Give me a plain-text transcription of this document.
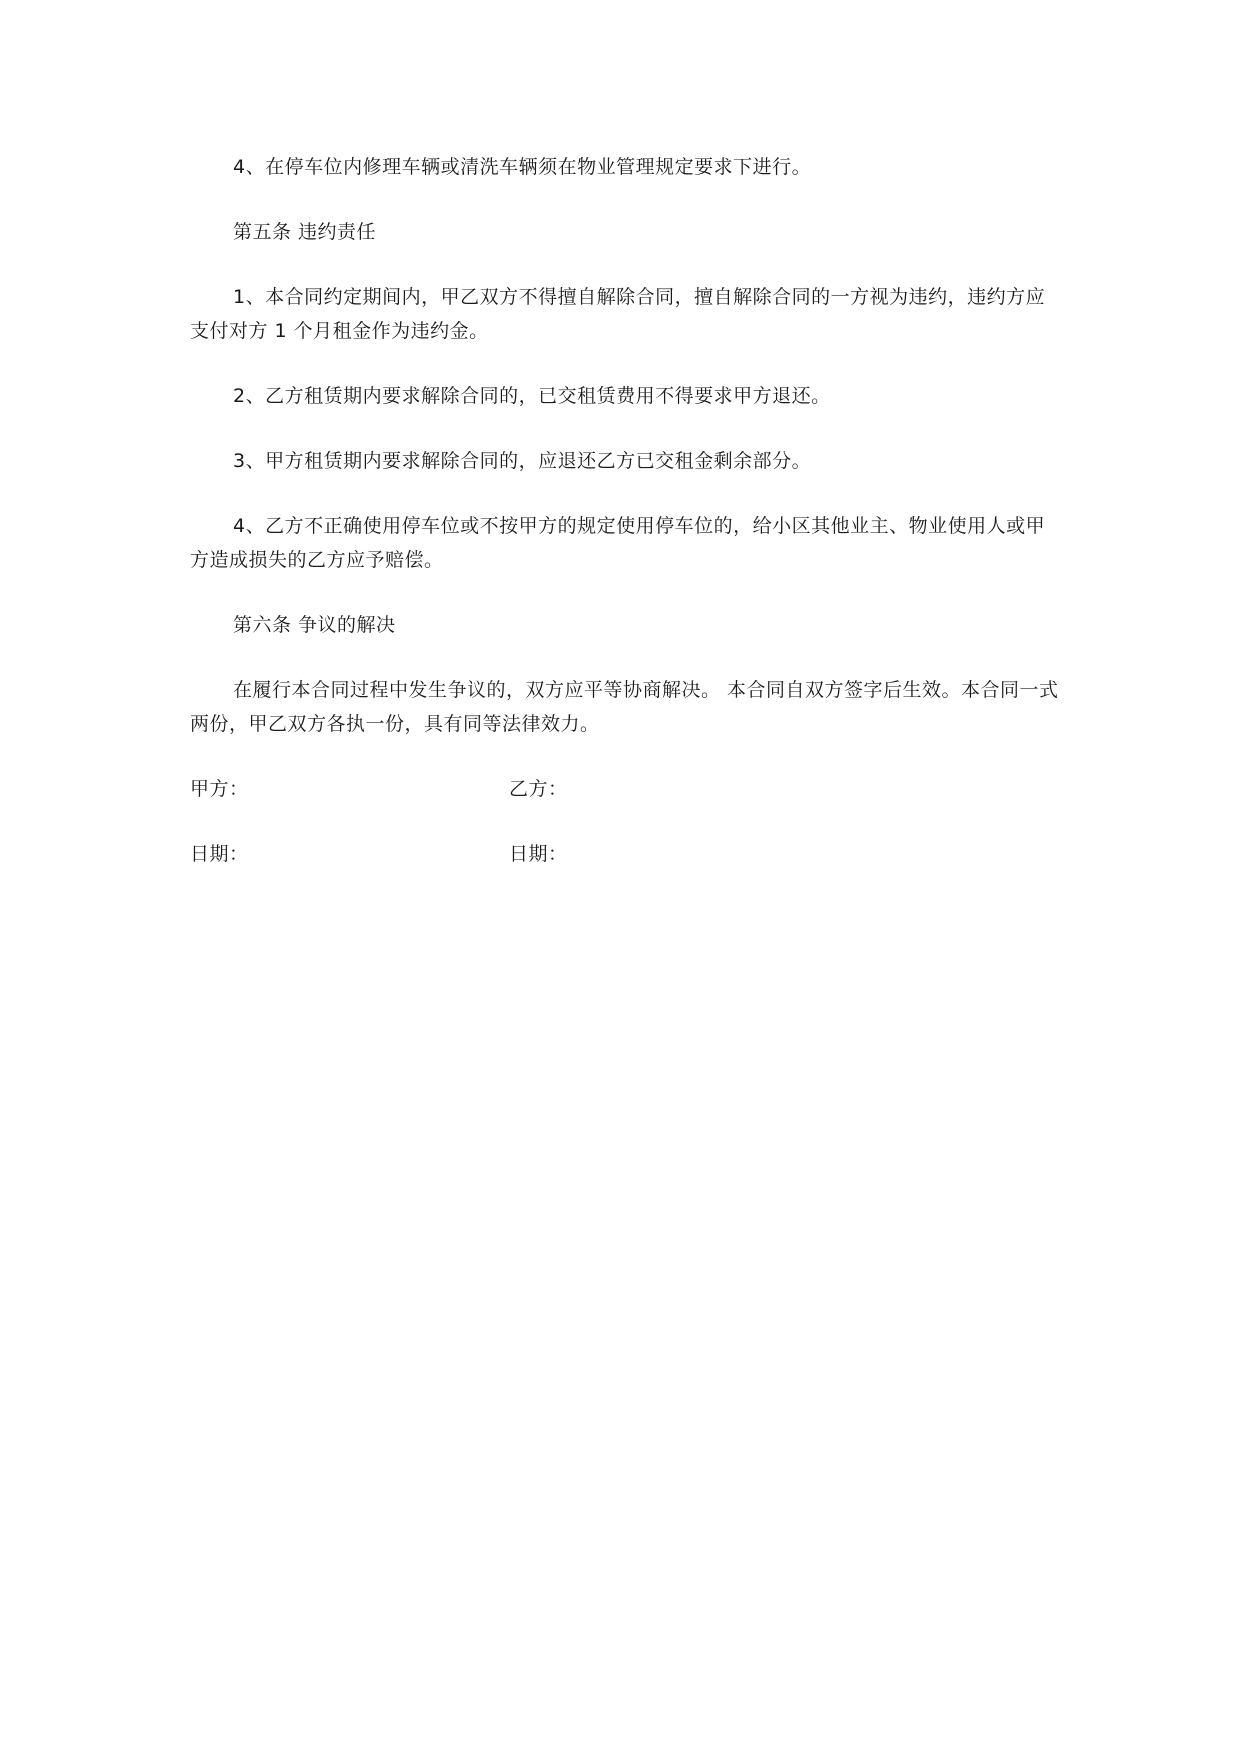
4、在停车位内修理车辆或清洗车辆须在物业管理规定要求下进行。

第五条 违约责任

1、本合同约定期间内，甲乙双方不得擅自解除合同，擅自解除合同的一方视为违约，违约方应支付对方 1 个月租金作为违约金。

2、乙方租赁期内要求解除合同的，已交租赁费用不得要求甲方退还。

3、甲方租赁期内要求解除合同的，应退还乙方已交租金剩余部分。

4、乙方不正确使用停车位或不按甲方的规定使用停车位的，给小区其他业主、物业使用人或甲方造成损失的乙方应予赔偿。

第六条 争议的解决

在履行本合同过程中发生争议的，双方应平等协商解决。 本合同自双方签字后生效。本合同一式两份，甲乙双方各执一份，具有同等法律效力。

甲方：	乙方：
日期：	日期：
